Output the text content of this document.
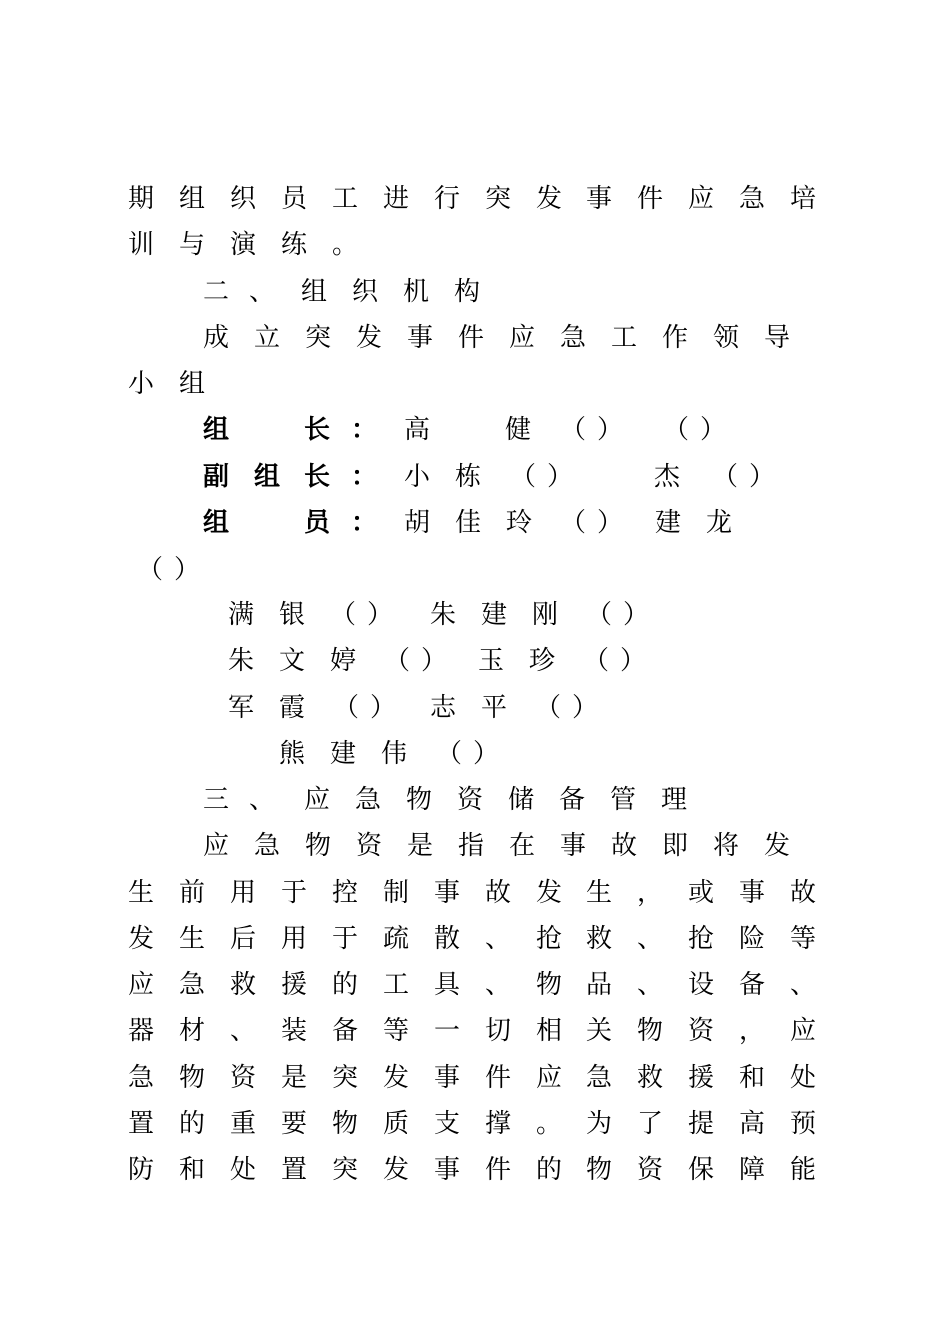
期 组 织 员 工 进 行 突 发 事 件 应 急 培
训 与 演 练 。
二 、 组 织 机 构
成 立 突 发 事 件 应 急 工 作 领 导
小 组
组	长 ： 高	健 （ ） （ ）
副 组 长 ： 小 栋 （ ）	杰 （ ）
组	员 ： 胡 佳 玲 （ ） 建 龙
（ ）
满 银 （ ） 朱 建 刚 （ ）
朱 文 婷 （ ） 玉 珍 （ ）
军 霞 （ ） 志 平 （ ）
熊 建 伟 （ ）
三 、 应 急 物 资 储 备 管 理
应 急 物 资 是 指 在 事 故 即 将 发
生 前 用 于 控 制 事 故 发 生 ， 或 事 故
发 生 后 用 于 疏 散 、 抢 救 、 抢 险 等
应 急 救 援 的 工 具 、 物 品 、 设 备 、
器 材 、 装 备 等 一 切 相 关 物 资 ， 应
急 物 资 是 突 发 事 件 应 急 救 援 和 处
置 的 重 要 物 质 支 撑 。 为 了 提 高 预
防 和 处 置 突 发 事 件 的 物 资 保 障 能
